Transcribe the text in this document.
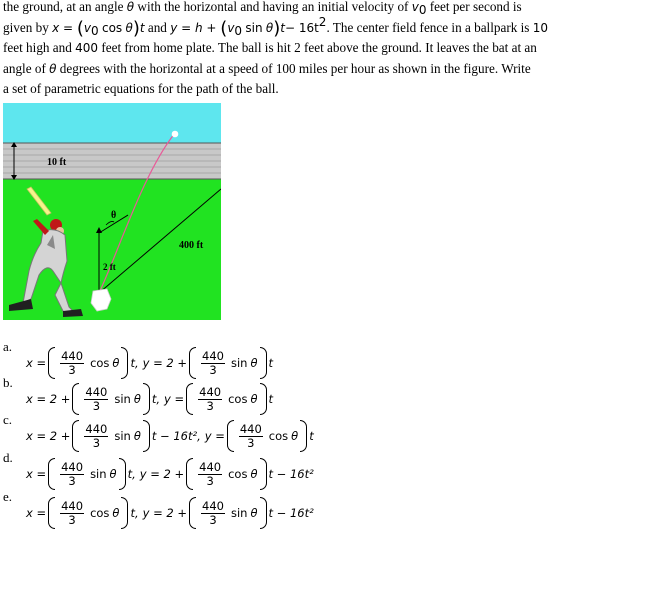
the ground, at an angle θ with the horizontal and having an initial velocity of $v_0$ feet per second is

given by $x = (v_0$ cos θ)t and $y = h + (v_0$ $\sin \theta)t- 16t^2$. The center field fence in a ballpark is 10

feet high and 400 feet from home plate. The ball is hit 2 feet above the ground. It leaves the bat at an

angle of θ degrees with the horizontal at a speed of 100 miles per hour as shown in the figure. Write

a set of parametric equations for the path of the ball.

10 ft
400 ft
θ
2 ft
a.
$x = \frac{440}{3}$ cos θ t, $y = 2 + \frac{440}{3}$ sin θ t
b.
$x = 2 + \frac{440}{3}$ sin θ t, $y = \frac{440}{3}$ cos θ t
c.
$x = 2 + \frac{440}{3}$ sin θ t − 16t², $y = \frac{440}{3}$ cos θ t
d.
$x = \frac{440}{3}$ sin θ t, $y = 2 + \frac{440}{3}$ cos θ t − 16t²
e.
$x = \frac{440}{3}$ cos θ t, $y = 2 + \frac{440}{3}$ sin θ t − 16t²
